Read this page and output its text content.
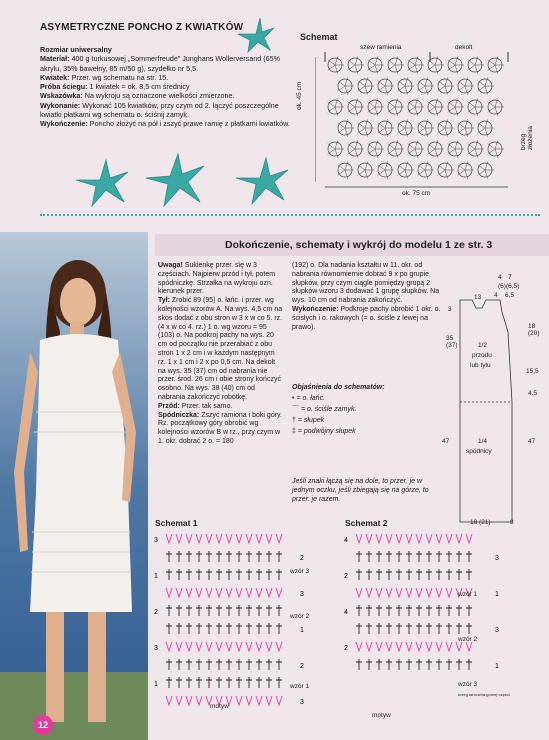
ASYMETRYCZNE PONCHO Z KWIATKÓW
Rozmiar uniwersalny
Materiał: 400 g turkusowej „Sommerfreude” Junghans Wollerversand (65% akrylu, 35% bawełny, 85 m/50 g), szydełko nr 5,5.
Kwiatek: Przer. wg schematu na str. 15.
Próba ściegu: 1 kwiatek = ok. 8,5 cm średnicy
Wskazówka: Na wykroju są oznaczone wielkości zmierzone.
Wykonanie: Wykonać 105 kwiatków, przy czym od 2. łączyć poszczególne kwiatki płatkami wg schematu o. ściśnij zamyk.
Wykończenie: Poncho złożyć na pół i zszyć prawe ramię z płatkami kwiatków.
Schemat
szew ramienia	dekolt
ok. 45 cm
ok. 75 cm
brzeg złożenia
Dokończenie, schematy i wykrój do modelu 1 ze str. 3
Uwaga! Sukienkę przer. się w 3 częściach. Najpierw przód i tył, potem spódniczkę. Strzałka na wykroju ozn. kierunek przer.
Tył: Zrobić 89 (95) o. łańc. i przer. wg kolejności wzorów A. Na wys. 4,5 cm na skos dodać z obu stron w 3 x w co 5. rz. (4 x w co 4. rz.) 1 o. wg wzoru = 95 (103) o. Na podkroj pachy na wys. 20 cm od początku nie przerabiać z obu stron 1 x 2 cm i w każdym następnym rz. 1 x 1 cm i 2 x po 0,5 cm. Na dekolt na wys. 35 (37) cm od nabrania nie przer. środ. 26 cm i obie strony kończyć osobno. Na wys. 38 (40) cm od nabrania zakończyć robótkę.
Przód: Przer. tak samo.
Spódniczka: Zszyć ramiona i boki góry. Rz. początkowy góry obrobić wg kolejności wzorów B w rz., przy czym w 1. okr. dobrać 2 o. = 180
(192) o. Dla nadania kształtu w 11. okr. od nabrania równomiernie dobrać 9 x po grupie słupków, przy czym ciągle pomiędzy grupą 2 słupków wzoru 3 dodawać 1 grupę słupków. Na wys. 10 cm od nabrania zakończyć.
Wykończenie: Podkroje pachy obrobić 1 okr. o. ścisłych i o. rakowych (= o. ściśle z lewej na prawo).
Objaśnienia do schematów:
• = o. łańc.
⌒ = o. ściśle zamyk.
† = słupek
‡ = podwójny słupek
Jeśli znaki łączą się na dole, to przer. je w jednym oczku, jeśli zbiegają się na górze, to przer. je razem.
4 7
(6)(6,5)
4 6,5
13
18 (20)
35 (37)
3
15,5
4,5
1/2
przodu
lub tyłu
1/4
spódnicy
47	47
18 (21)	8
Schemat 1
3
2
1
3
2
1
3
2
1
3
wzór 3
wzór 2
wzór 1
motyw
Schemat 2
4
3
2
1
4
3
2
1
wzór 1
wzór 2
wzór 3
motyw
brzeg łańcucha górnej części
12
